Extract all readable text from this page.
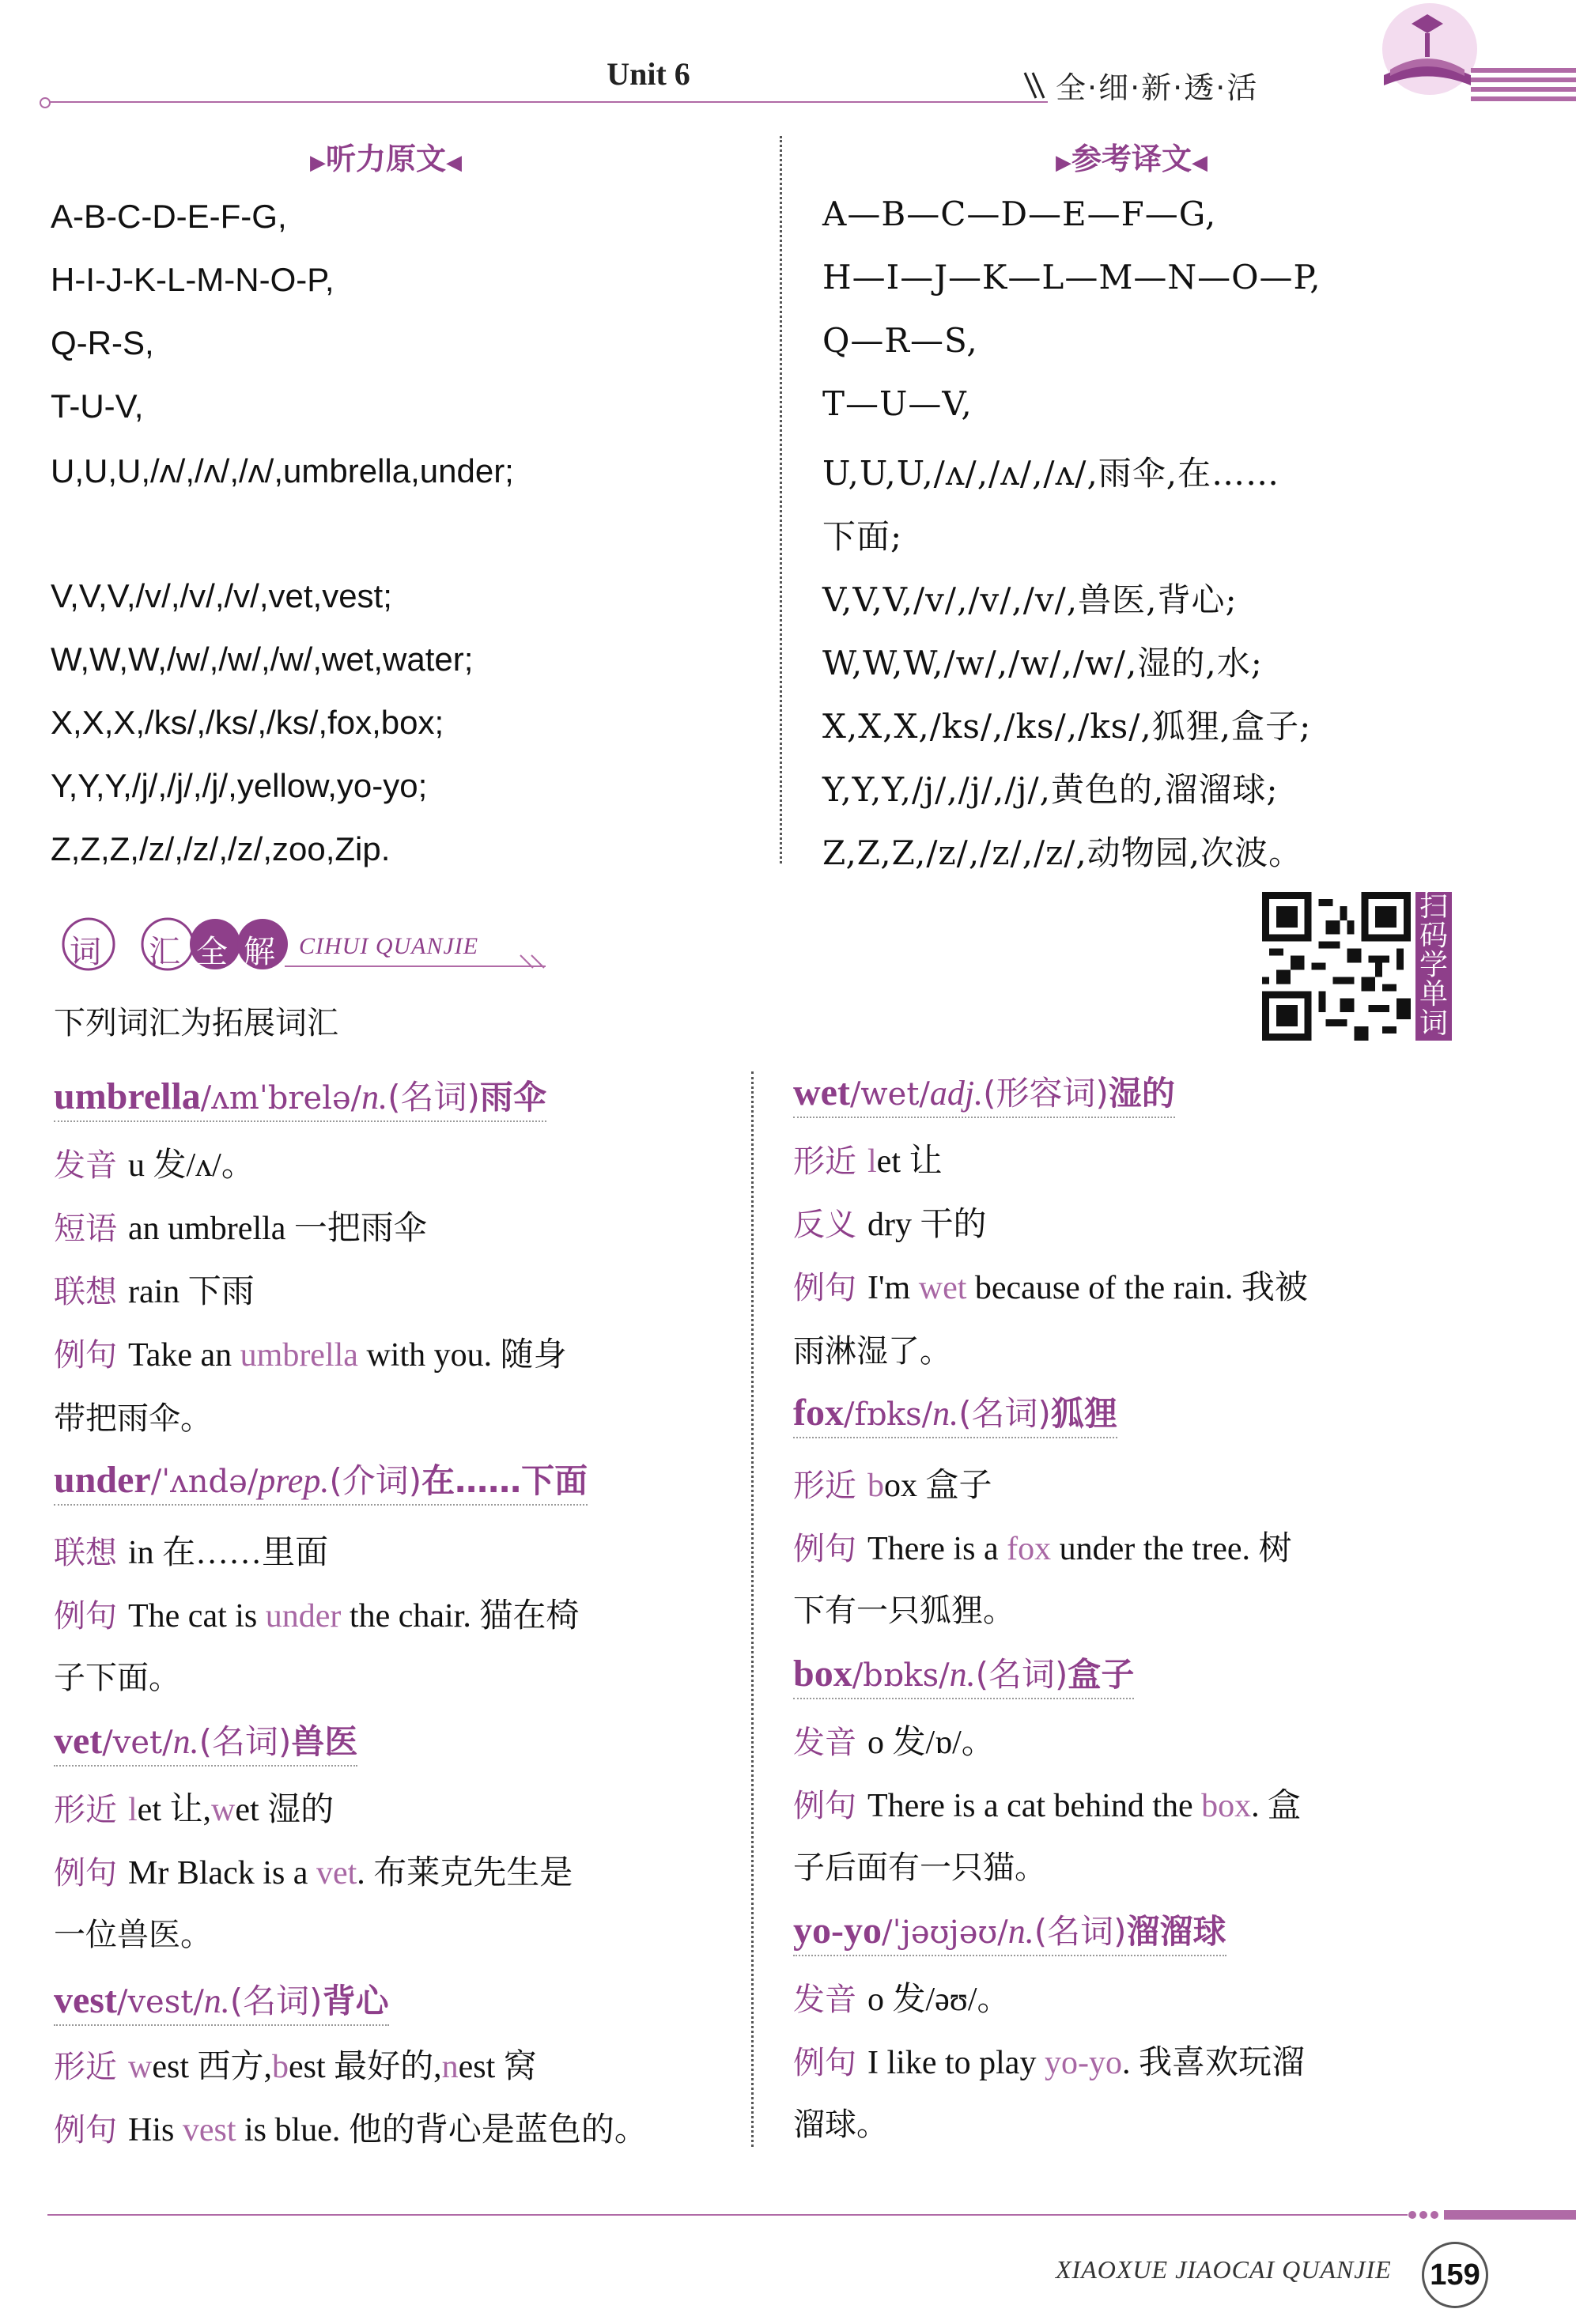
Unit 6	全·细·新·透·活
▶听力原文◀	▶参考译文◀
A-B-C-D-E-F-G,
H-I-J-K-L-M-N-O-P,
Q-R-S,
T-U-V,
U,U,U,/ʌ/,/ʌ/,/ʌ/,umbrella,under;
V,V,V,/v/,/v/,/v/,vet,vest;
W,W,W,/w/,/w/,/w/,wet,water;
X,X,X,/ks/,/ks/,/ks/,fox,box;
Y,Y,Y,/j/,/j/,/j/,yellow,yo-yo;
Z,Z,Z,/z/,/z/,/z/,zoo,Zip.
A—B—C—D—E—F—G,
H—I—J—K—L—M—N—O—P,
Q—R—S,
T—U—V,
U,U,U,/ʌ/,/ʌ/,/ʌ/,雨伞,在……
下面;
V,V,V,/v/,/v/,/v/,兽医,背心;
W,W,W,/w/,/w/,/w/,湿的,水;
X,X,X,/ks/,/ks/,/ks/,狐狸,盒子;
Y,Y,Y,/j/,/j/,/j/,黄色的,溜溜球;
Z,Z,Z,/z/,/z/,/z/,动物园,次波。
词 汇 全 解 CIHUI QUANJIE
扫
码
学
单
词
下列词汇为拓展词汇
umbrella/ʌmˈbrelə/n.(名词)雨伞
发音 u 发/ʌ/。
短语 an umbrella 一把雨伞
联想 rain 下雨
例句 Take an umbrella with you. 随身
带把雨伞。
under/ˈʌndə/prep.(介词)在……下面
联想 in 在……里面
例句 The cat is under the chair. 猫在椅
子下面。
vet/vet/n.(名词)兽医
形近 let 让,wet 湿的
例句 Mr Black is a vet. 布莱克先生是
一位兽医。
vest/vest/n.(名词)背心
形近 west 西方,best 最好的,nest 窝
例句 His vest is blue. 他的背心是蓝色的。
wet/wet/adj.(形容词)湿的
形近 let 让
反义 dry 干的
例句 I'm wet because of the rain. 我被
雨淋湿了。
fox/fɒks/n.(名词)狐狸
形近 box 盒子
例句 There is a fox under the tree. 树
下有一只狐狸。
box/bɒks/n.(名词)盒子
发音 o 发/ɒ/。
例句 There is a cat behind the box. 盒
子后面有一只猫。
yo-yo/ˈjəʊjəʊ/n.(名词)溜溜球
发音 o 发/əʊ/。
例句 I like to play yo-yo. 我喜欢玩溜
溜球。
XIAOXUE JIAOCAI QUANJIE 159
